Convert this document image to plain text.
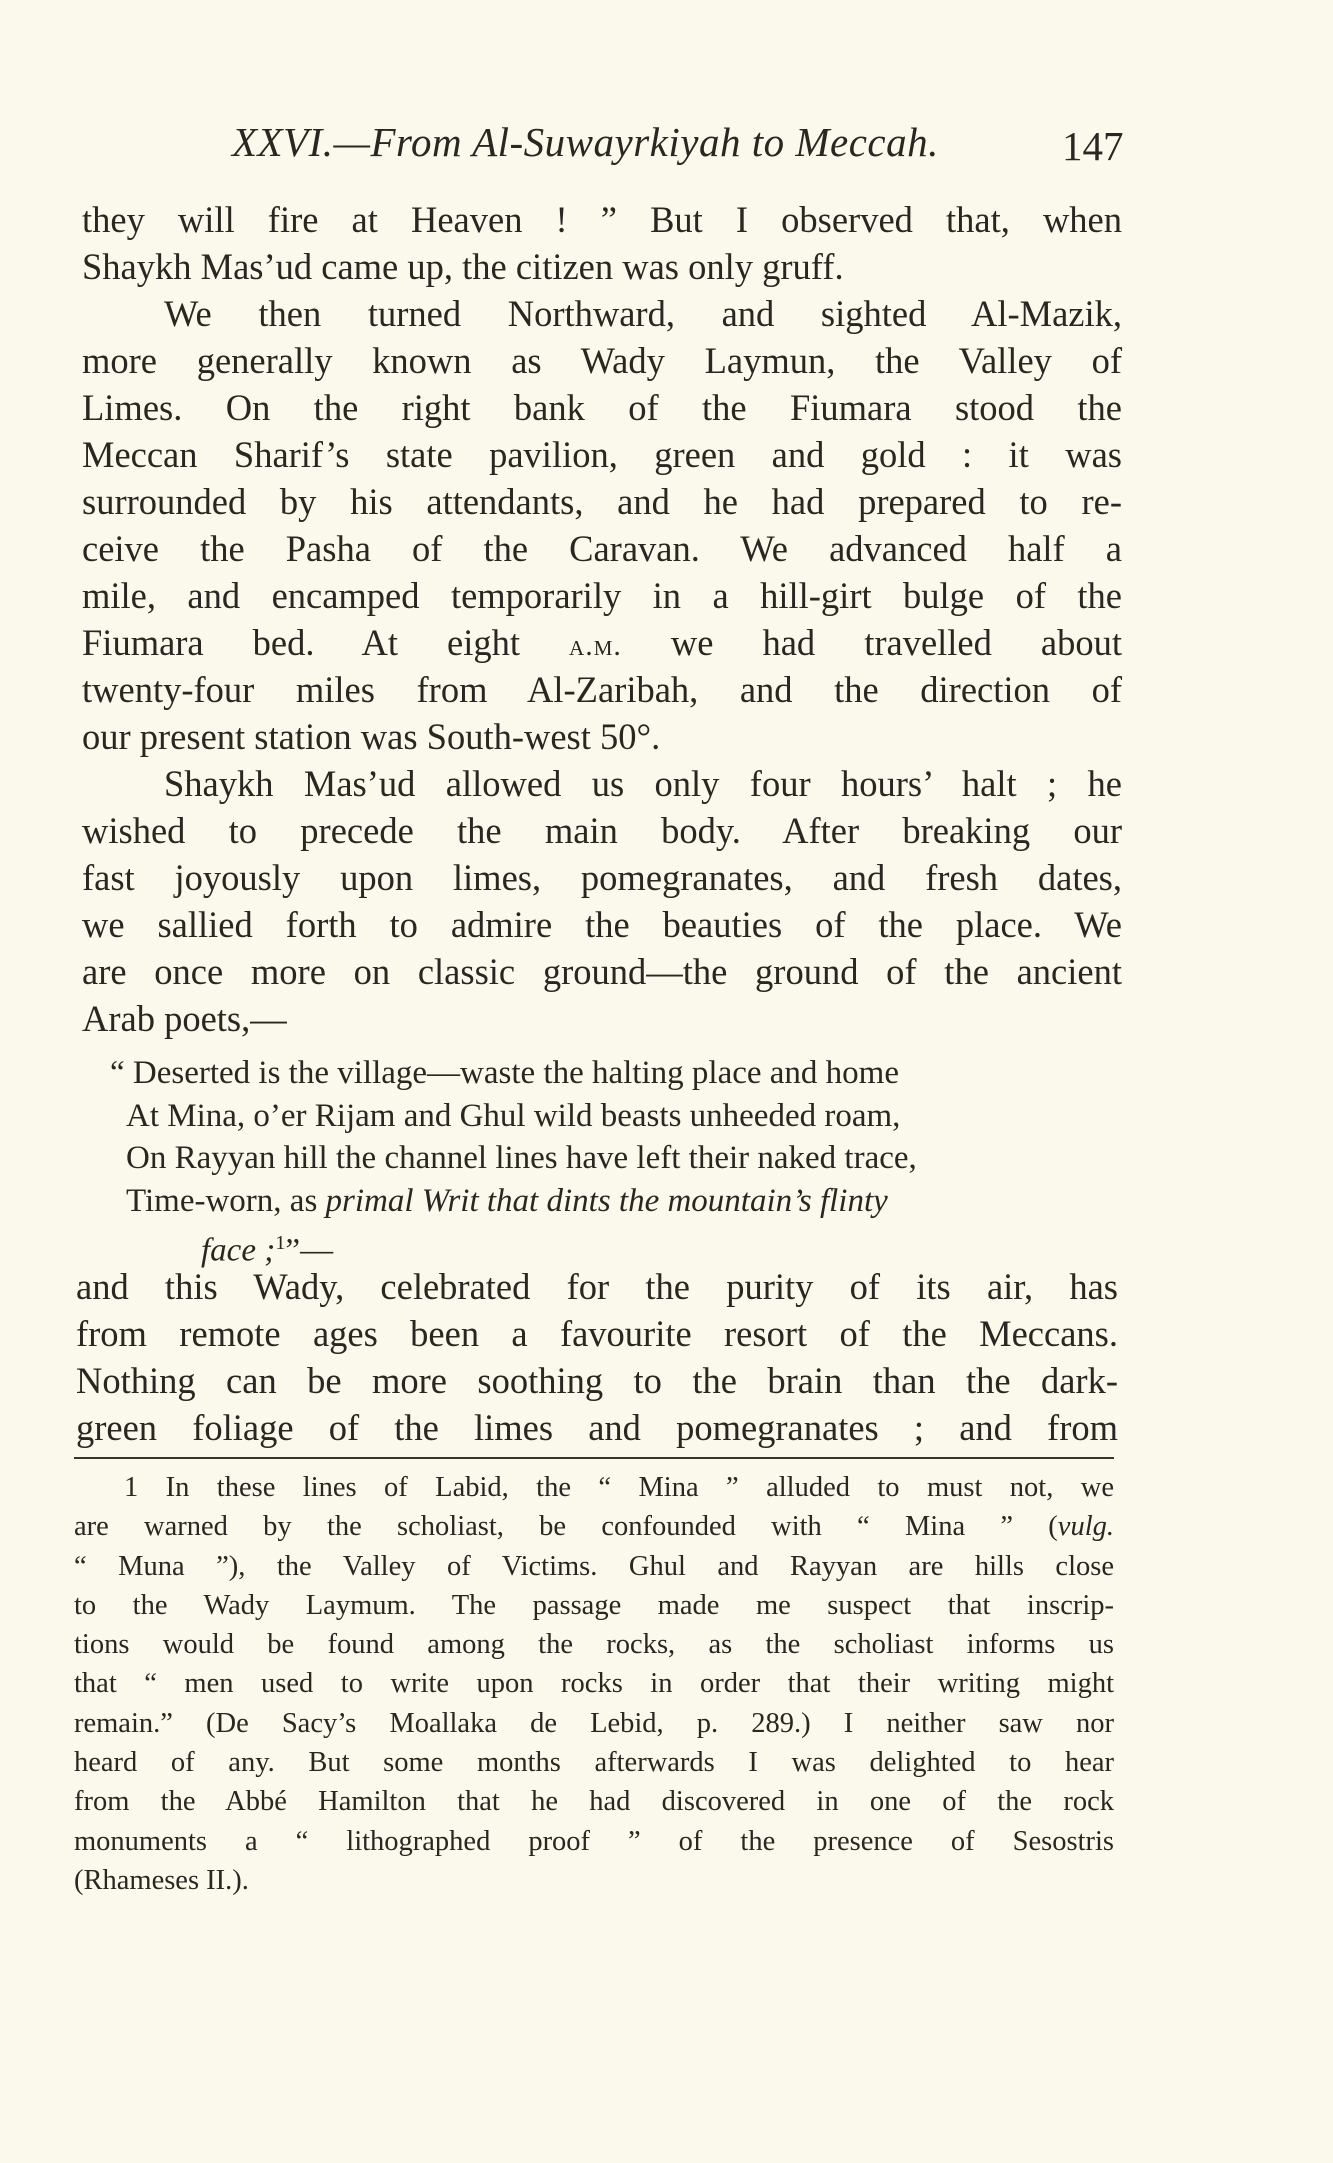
XXVI.—From Al-Suwayrkiyah to Meccah.	147
they will fire at Heaven ! ” But I observed that, when
Shaykh Mas’ud came up, the citizen was only gruff.
We then turned Northward, and sighted Al-Mazik,
more generally known as Wady Laymun, the Valley of
Limes. On the right bank of the Fiumara stood the
Meccan Sharif’s state pavilion, green and gold : it was
surrounded by his attendants, and he had prepared to re-
ceive the Pasha of the Caravan. We advanced half a
mile, and encamped temporarily in a hill-girt bulge of the
Fiumara bed. At eight a.m. we had travelled about
twenty-four miles from Al-Zaribah, and the direction of
our present station was South-west 50°.
Shaykh Mas’ud allowed us only four hours’ halt ; he
wished to precede the main body. After breaking our
fast joyously upon limes, pomegranates, and fresh dates,
we sallied forth to admire the beauties of the place. We
are once more on classic ground—the ground of the ancient
Arab poets,—
“ Deserted is the village—waste the halting place and home
At Mina, o’er Rijam and Ghul wild beasts unheeded roam,
On Rayyan hill the channel lines have left their naked trace,
Time-worn, as primal Writ that dints the mountain’s flinty
face ;$^1$”—
and this Wady, celebrated for the purity of its air, has
from remote ages been a favourite resort of the Meccans.
Nothing can be more soothing to the brain than the dark-
green foliage of the limes and pomegranates ; and from
1 In these lines of Labid, the “ Mina ” alluded to must not, we
are warned by the scholiast, be confounded with “ Mina ” (vulg.
“ Muna ”), the Valley of Victims. Ghul and Rayyan are hills close
to the Wady Laymum. The passage made me suspect that inscrip-
tions would be found among the rocks, as the scholiast informs us
that “ men used to write upon rocks in order that their writing might
remain.” (De Sacy’s Moallaka de Lebid, p. 289.) I neither saw nor
heard of any. But some months afterwards I was delighted to hear
from the Abbé Hamilton that he had discovered in one of the rock
monuments a “ lithographed proof ” of the presence of Sesostris
(Rhameses II.).
